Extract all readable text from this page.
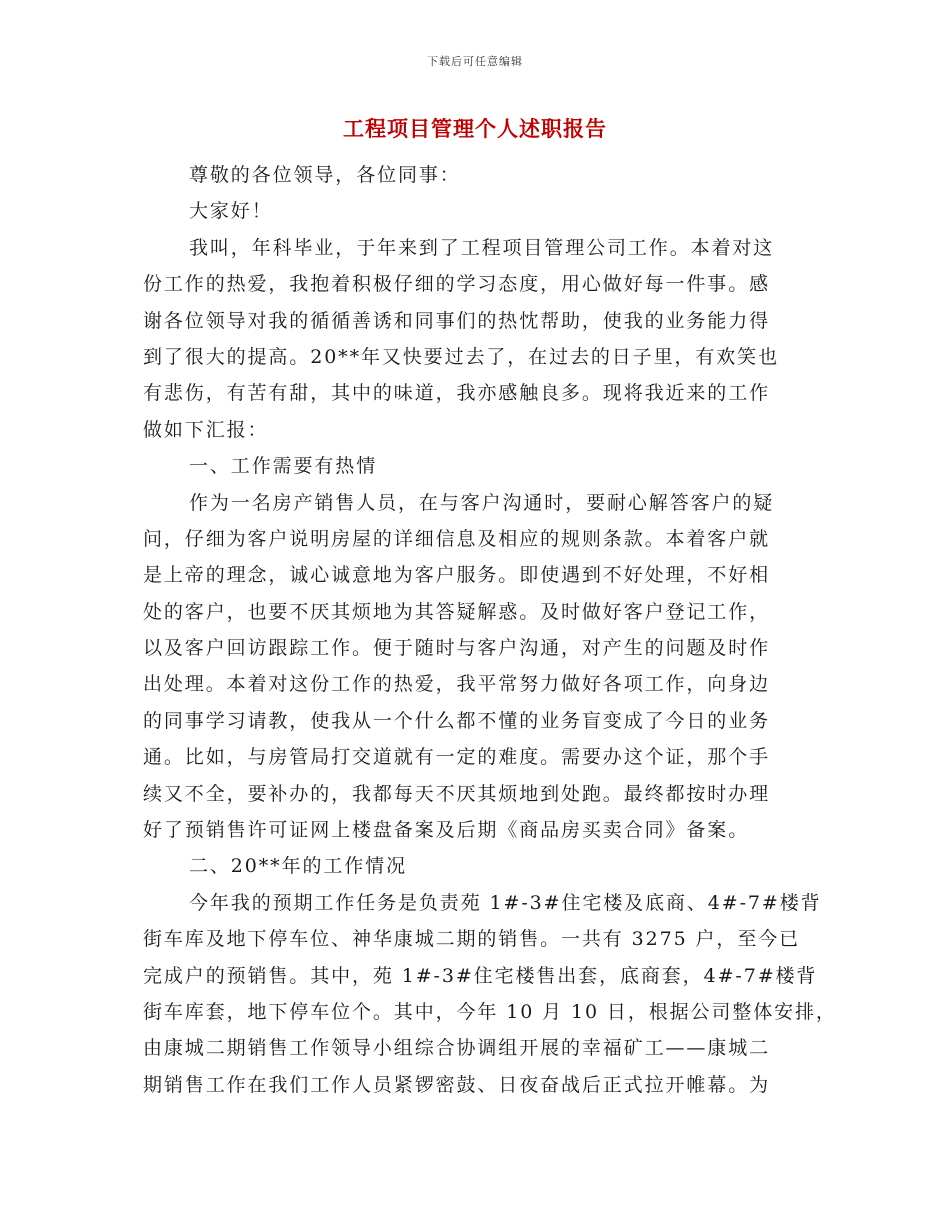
下载后可任意编辑
工程项目管理个人述职报告
尊敬的各位领导，各位同事：
大家好！
我叫，年科毕业，于年来到了工程项目管理公司工作。本着对这
份工作的热爱，我抱着积极仔细的学习态度，用心做好每一件事。感
谢各位领导对我的循循善诱和同事们的热忱帮助，使我的业务能力得
到了很大的提高。20**年又快要过去了，在过去的日子里，有欢笑也
有悲伤，有苦有甜，其中的味道，我亦感触良多。现将我近来的工作
做如下汇报：
一、工作需要有热情
作为一名房产销售人员，在与客户沟通时，要耐心解答客户的疑
问，仔细为客户说明房屋的详细信息及相应的规则条款。本着客户就
是上帝的理念，诚心诚意地为客户服务。即使遇到不好处理，不好相
处的客户，也要不厌其烦地为其答疑解惑。及时做好客户登记工作，
以及客户回访跟踪工作。便于随时与客户沟通，对产生的问题及时作
出处理。本着对这份工作的热爱，我平常努力做好各项工作，向身边
的同事学习请教，使我从一个什么都不懂的业务盲变成了今日的业务
通。比如，与房管局打交道就有一定的难度。需要办这个证，那个手
续又不全，要补办的，我都每天不厌其烦地到处跑。最终都按时办理
好了预销售许可证网上楼盘备案及后期《商品房买卖合同》备案。
二、20**年的工作情况
今年我的预期工作任务是负责苑 1#-3#住宅楼及底商、4#-7#楼背
街车库及地下停车位、神华康城二期的销售。一共有 3275 户，至今已
完成户的预销售。其中，苑 1#-3#住宅楼售出套，底商套，4#-7#楼背
街车库套，地下停车位个。其中，今年 10 月 10 日，根据公司整体安排，
由康城二期销售工作领导小组综合协调组开展的幸福矿工——康城二
期销售工作在我们工作人员紧锣密鼓、日夜奋战后正式拉开帷幕。为
